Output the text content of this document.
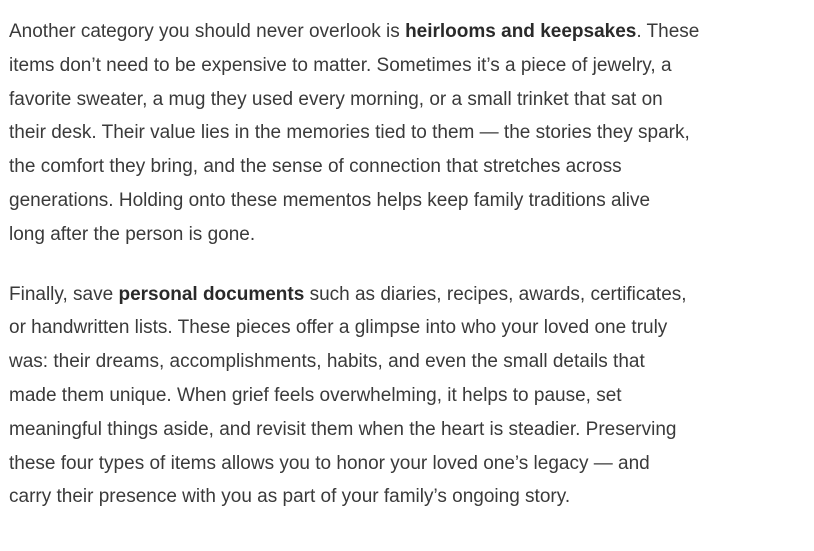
Another category you should never overlook is heirlooms and keepsakes. These
items don’t need to be expensive to matter. Sometimes it’s a piece of jewelry, a
favorite sweater, a mug they used every morning, or a small trinket that sat on
their desk. Their value lies in the memories tied to them — the stories they spark,
the comfort they bring, and the sense of connection that stretches across
generations. Holding onto these mementos helps keep family traditions alive
long after the person is gone.

Finally, save personal documents such as diaries, recipes, awards, certificates,
or handwritten lists. These pieces offer a glimpse into who your loved one truly
was: their dreams, accomplishments, habits, and even the small details that
made them unique. When grief feels overwhelming, it helps to pause, set
meaningful things aside, and revisit them when the heart is steadier. Preserving
these four types of items allows you to honor your loved one’s legacy — and
carry their presence with you as part of your family’s ongoing story.
